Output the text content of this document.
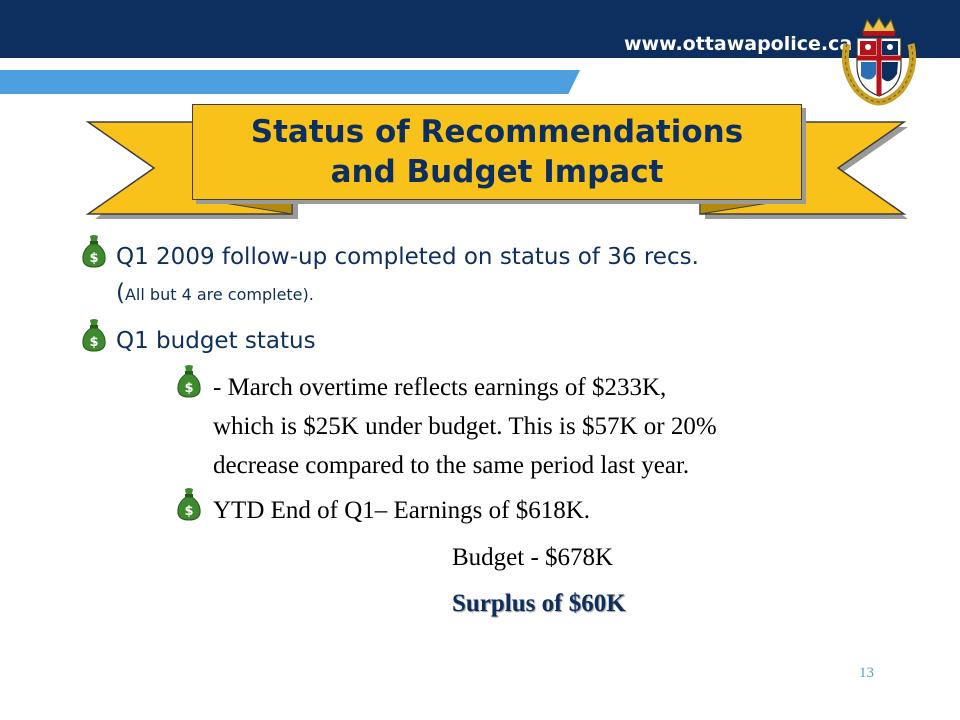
www.ottawapolice.ca
Status of Recommendations
and Budget Impact
$ Q1 2009 follow-up completed on status of 36 recs.

(All but 4 are complete).

$ Q1 budget status

$ - March overtime reflects earnings of $233K,

which is $25K under budget. This is $57K or 20%

decrease compared to the same period last year.

$ YTD End of Q1– Earnings of $618K.

Budget - $678K

Surplus of $60K

13
